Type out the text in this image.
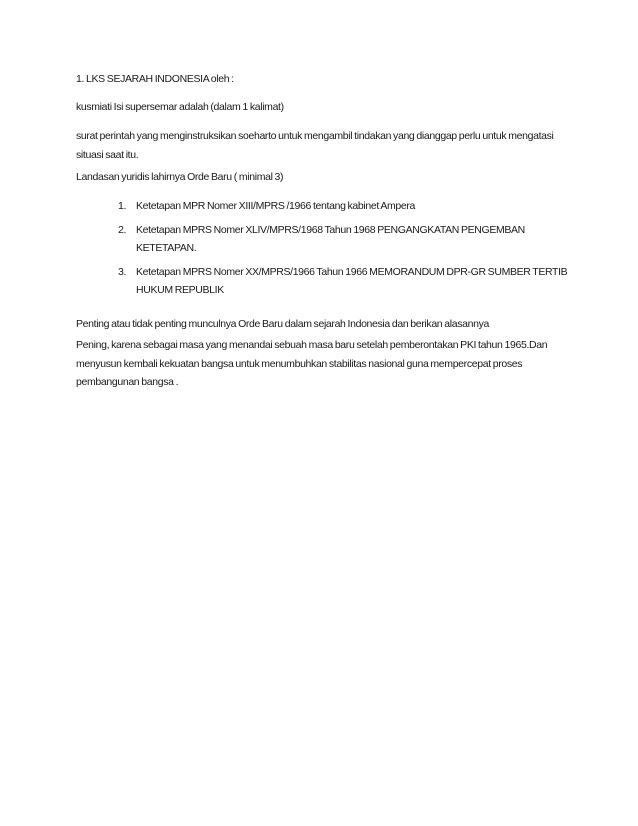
1. LKS SEJARAH INDONESIA oleh :

kusmiati Isi supersemar adalah (dalam 1 kalimat)

surat perintah yang menginstruksikan soeharto untuk mengambil tindakan yang dianggap perlu untuk mengatasi situasi saat itu.

Landasan yuridis lahirnya Orde Baru ( minimal 3)

1. Ketetapan MPR Nomer XIII/MPRS /1966 tentang kabinet Ampera
2. Ketetapan MPRS Nomer XLIV/MPRS/1968 Tahun 1968 PENGANGKATAN PENGEMBAN KETETAPAN.
3. Ketetapan MPRS Nomer XX/MPRS/1966 Tahun 1966 MEMORANDUM DPR-GR SUMBER TERTIB HUKUM REPUBLIK

Penting atau tidak penting munculnya Orde Baru dalam sejarah Indonesia dan berikan alasannya

Pening, karena sebagai masa yang menandai sebuah masa baru setelah pemberontakan PKI tahun 1965.Dan menyusun kembali kekuatan bangsa untuk menumbuhkan stabilitas nasional guna mempercepat proses pembangunan bangsa .
